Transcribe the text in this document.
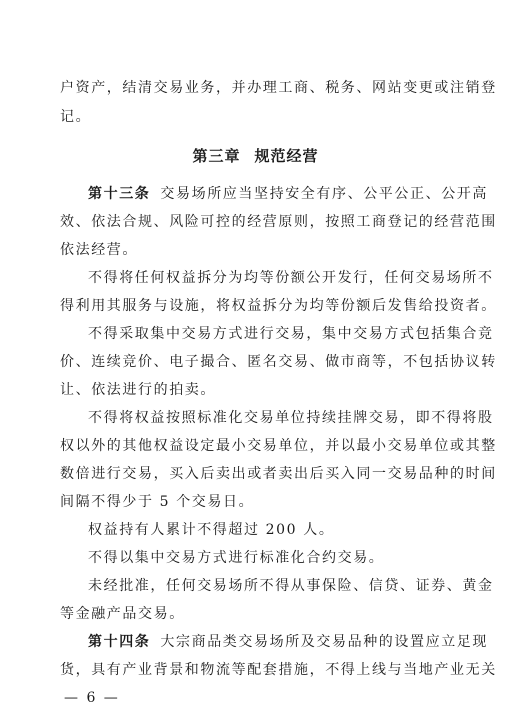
户资产，结清交易业务，并办理工商、税务、网站变更或注销登
记。
第三章 规范经营
第十三条 交易场所应当坚持安全有序、公平公正、公开高
效、依法合规、风险可控的经营原则，按照工商登记的经营范围
依法经营。
不得将任何权益拆分为均等份额公开发行，任何交易场所不
得利用其服务与设施，将权益拆分为均等份额后发售给投资者。
不得采取集中交易方式进行交易，集中交易方式包括集合竞
价、连续竞价、电子撮合、匿名交易、做市商等，不包括协议转
让、依法进行的拍卖。
不得将权益按照标准化交易单位持续挂牌交易，即不得将股
权以外的其他权益设定最小交易单位，并以最小交易单位或其整
数倍进行交易，买入后卖出或者卖出后买入同一交易品种的时间
间隔不得少于 5 个交易日。
权益持有人累计不得超过 200 人。
不得以集中交易方式进行标准化合约交易。
未经批准，任何交易场所不得从事保险、信贷、证券、黄金
等金融产品交易。
第十四条 大宗商品类交易场所及交易品种的设置应立足现
货，具有产业背景和物流等配套措施，不得上线与当地产业无关
— 6 —
